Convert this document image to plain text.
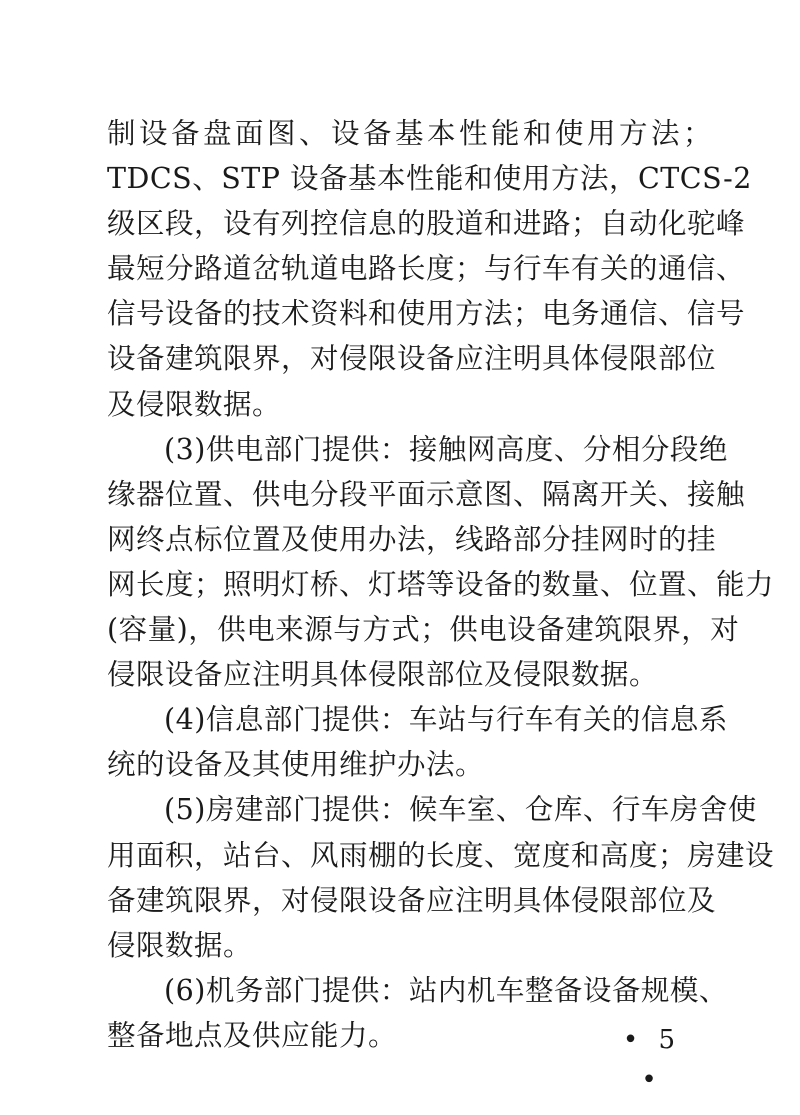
制设备盘面图、设备基本性能和使用方法；
TDCS、STP 设备基本性能和使用方法，CTCS-2
级区段，设有列控信息的股道和进路；自动化驼峰
最短分路道岔轨道电路长度；与行车有关的通信、
信号设备的技术资料和使用方法；电务通信、信号
设备建筑限界，对侵限设备应注明具体侵限部位
及侵限数据。
(3)供电部门提供：接触网高度、分相分段绝
缘器位置、供电分段平面示意图、隔离开关、接触
网终点标位置及使用办法，线路部分挂网时的挂
网长度；照明灯桥、灯塔等设备的数量、位置、能力
(容量)，供电来源与方式；供电设备建筑限界，对
侵限设备应注明具体侵限部位及侵限数据。
(4)信息部门提供：车站与行车有关的信息系
统的设备及其使用维护办法。
(5)房建部门提供：候车室、仓库、行车房舍使
用面积，站台、风雨棚的长度、宽度和高度；房建设
备建筑限界，对侵限设备应注明具体侵限部位及
侵限数据。
(6)机务部门提供：站内机车整备设备规模、
整备地点及供应能力。	• 5 •
